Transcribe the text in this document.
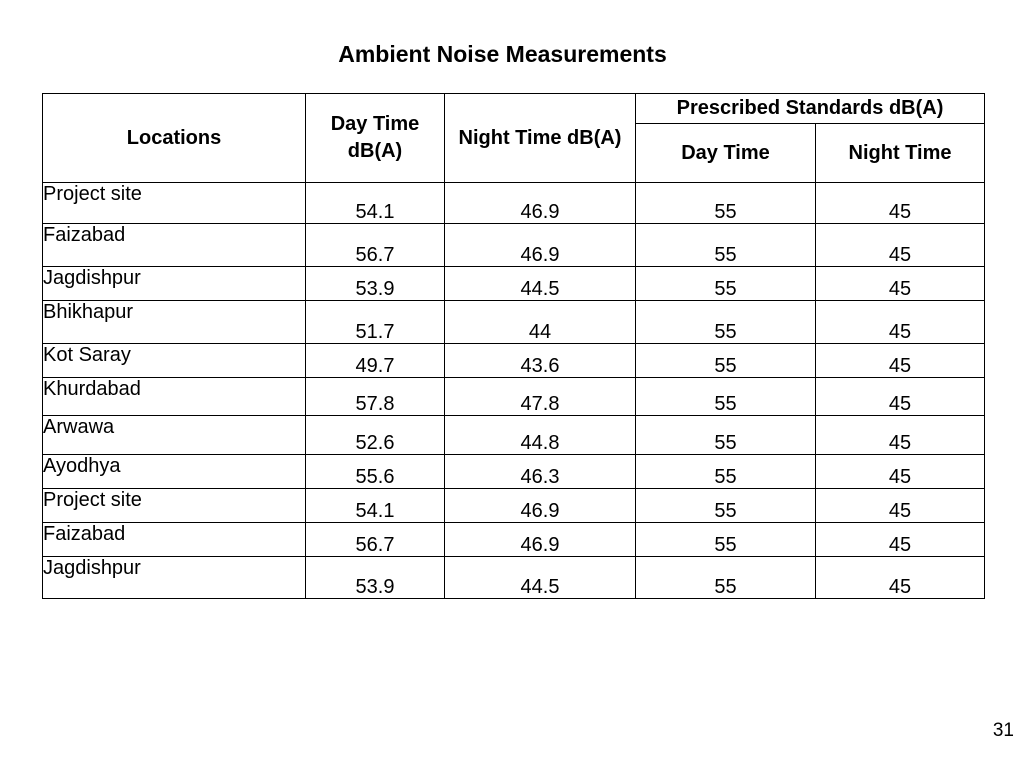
Ambient Noise Measurements
Locations	Day Time dB(A)	Night Time dB(A)	Prescribed Standards dB(A)	
			Day Time	Night Time
Project site	54.1	46.9	55	45
Faizabad	56.7	46.9	55	45
Jagdishpur	53.9	44.5	55	45
Bhikhapur	51.7	44	55	45
Kot Saray	49.7	43.6	55	45
Khurdabad	57.8	47.8	55	45
Arwawa	52.6	44.8	55	45
Ayodhya	55.6	46.3	55	45
Project site	54.1	46.9	55	45
Faizabad	56.7	46.9	55	45
Jagdishpur	53.9	44.5	55	45
31
